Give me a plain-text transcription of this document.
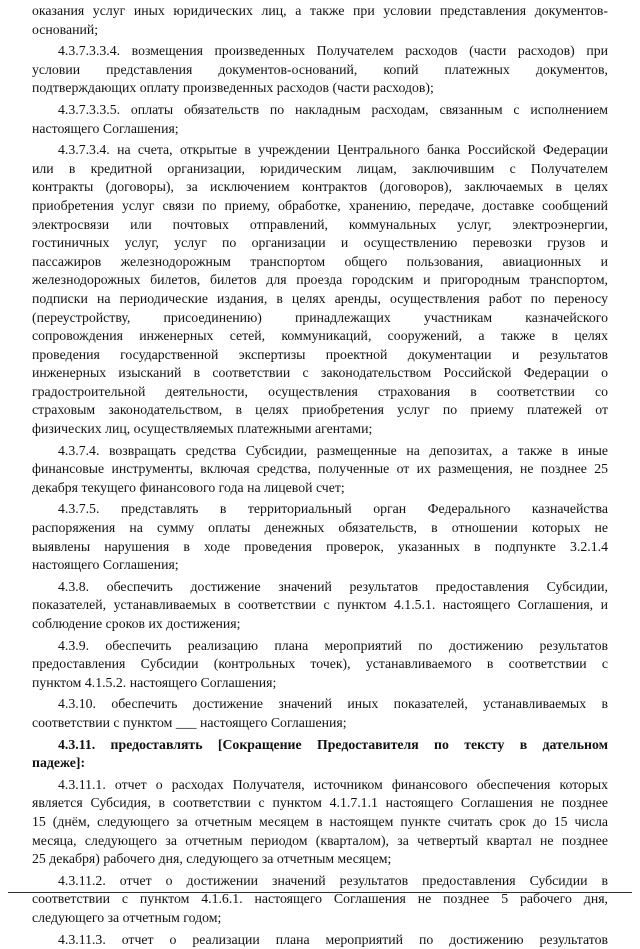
оказания услуг иных юридических лиц, а также при условии представления документов-

оснований;

4.3.7.3.3.4. возмещения произведенных Получателем расходов (части расходов) при

условии представления документов-оснований, копий платежных документов,

подтверждающих оплату произведенных расходов (части расходов);

4.3.7.3.3.5. оплаты обязательств по накладным расходам, связанным с исполнением

настоящего Соглашения;

4.3.7.3.4. на счета, открытые в учреждении Центрального банка Российской Федерации

или в кредитной организации, юридическим лицам, заключившим с Получателем

контракты (договоры), за исключением контрактов (договоров), заключаемых в целях

приобретения услуг связи по приему, обработке, хранению, передаче, доставке сообщений

электросвязи или почтовых отправлений, коммунальных услуг, электроэнергии,

гостиничных услуг, услуг по организации и осуществлению перевозки грузов и

пассажиров железнодорожным транспортом общего пользования, авиационных и

железнодорожных билетов, билетов для проезда городским и пригородным транспортом,

подписки на периодические издания, в целях аренды, осуществления работ по переносу

(переустройству, присоединению) принадлежащих участникам казначейского

сопровождения инженерных сетей, коммуникаций, сооружений, а также в целях

проведения государственной экспертизы проектной документации и результатов

инженерных изысканий в соответствии с законодательством Российской Федерации о

градостроительной деятельности, осуществления страхования в соответствии со

страховым законодательством, в целях приобретения услуг по приему платежей от

физических лиц, осуществляемых платежными агентами;

4.3.7.4. возвращать средства Субсидии, размещенные на депозитах, а также в иные

финансовые инструменты, включая средства, полученные от их размещения, не позднее 25

декабря текущего финансового года на лицевой счет;

4.3.7.5. представлять в территориальный орган Федерального казначейства

распоряжения на сумму оплаты денежных обязательств, в отношении которых не

выявлены нарушения в ходе проведения проверок, указанных в подпункте 3.2.1.4

настоящего Соглашения;

4.3.8. обеспечить достижение значений результатов предоставления Субсидии,

показателей, устанавливаемых в соответствии с пунктом 4.1.5.1. настоящего Соглашения, и

соблюдение сроков их достижения;

4.3.9. обеспечить реализацию плана мероприятий по достижению результатов

предоставления Субсидии (контрольных точек), устанавливаемого в соответствии с

пунктом 4.1.5.2. настоящего Соглашения;

4.3.10. обеспечить достижение значений иных показателей, устанавливаемых в

соответствии с пунктом ___ настоящего Соглашения;

4.3.11. предоставлять [Сокращение Предоставителя по тексту в дательном

падеже]:

4.3.11.1. отчет о расходах Получателя, источником финансового обеспечения которых

является Субсидия, в соответствии с пунктом 4.1.7.1.1 настоящего Соглашения не позднее

15 (днём, следующего за отчетным месяцем в настоящем пункте считать срок до 15 числа

месяца, следующего за отчетным периодом (кварталом), за четвертый квартал не позднее

25 декабря) рабочего дня, следующего за отчетным месяцем;

4.3.11.2. отчет о достижении значений результатов предоставления Субсидии в

соответствии с пунктом 4.1.6.1. настоящего Соглашения не позднее 5 рабочего дня,

следующего за отчетным годом;

4.3.11.3. отчет о реализации плана мероприятий по достижению результатов
